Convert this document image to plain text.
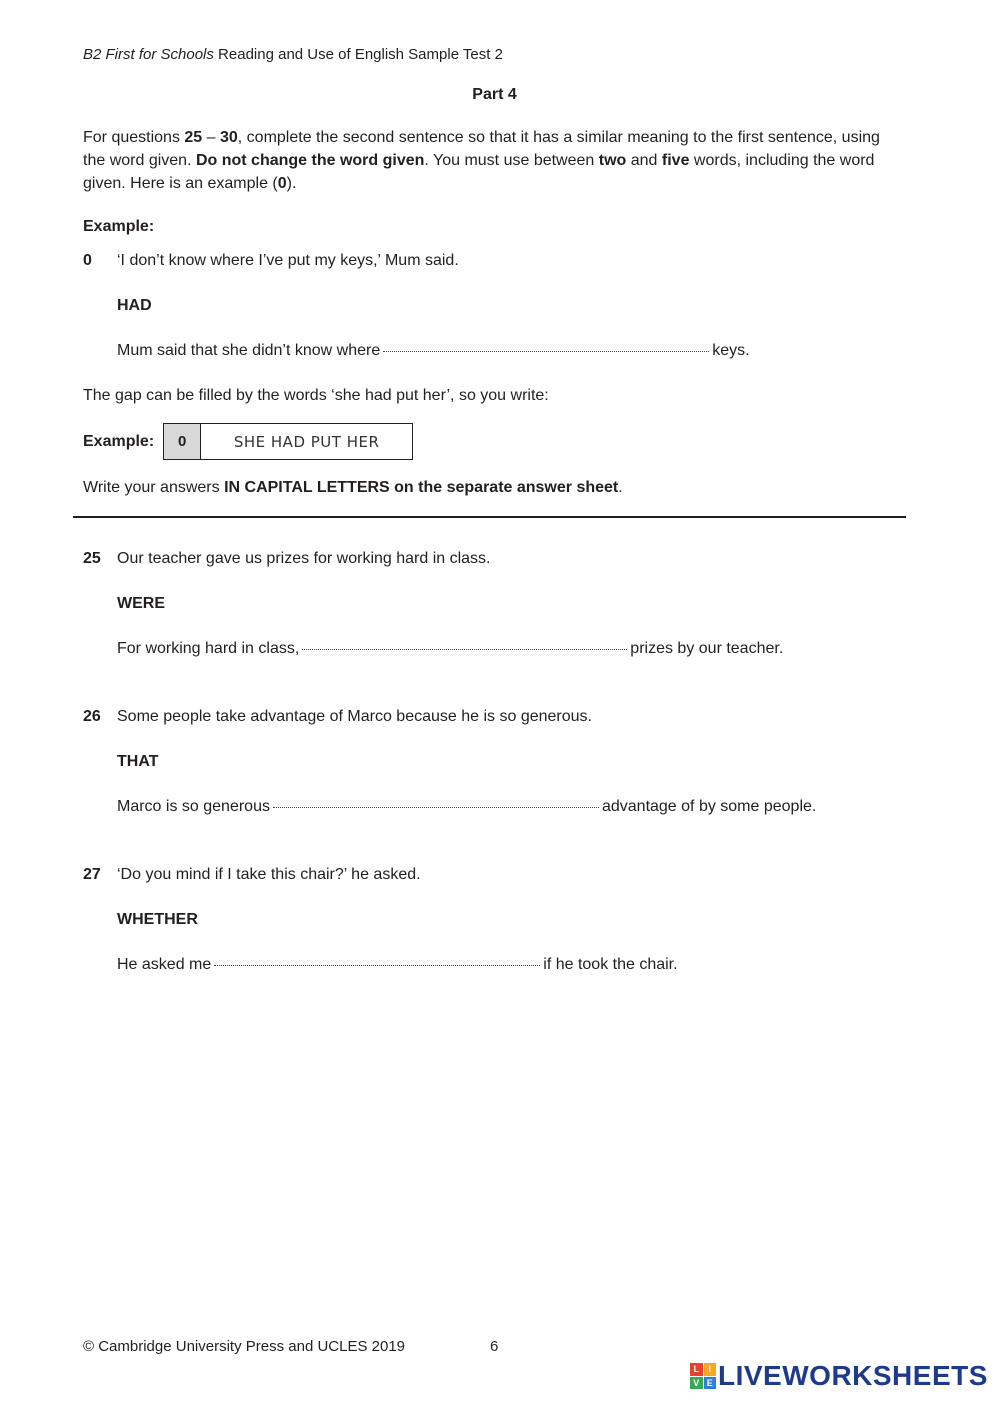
B2 First for Schools Reading and Use of English Sample Test 2
Part 4
For questions 25 – 30, complete the second sentence so that it has a similar meaning to the first sentence, using the word given. Do not change the word given. You must use between two and five words, including the word given. Here is an example (0).
Example:
0 ‘I don’t know where I’ve put my keys,’ Mum said.
HAD
Mum said that she didn’t know where	keys.
The gap can be filled by the words ‘she had put her’, so you write:
Example:	0	SHE HAD PUT HER
Write your answers IN CAPITAL LETTERS on the separate answer sheet.
25 Our teacher gave us prizes for working hard in class.
WERE
For working hard in class,	prizes by our teacher.
26 Some people take advantage of Marco because he is so generous.
THAT
Marco is so generous	advantage of by some people.
27 ‘Do you mind if I take this chair?’ he asked.
WHETHER
He asked me	if he took the chair.
© Cambridge University Press and UCLES 2019	6
L	I
V E LIVEWORKSHEETS
